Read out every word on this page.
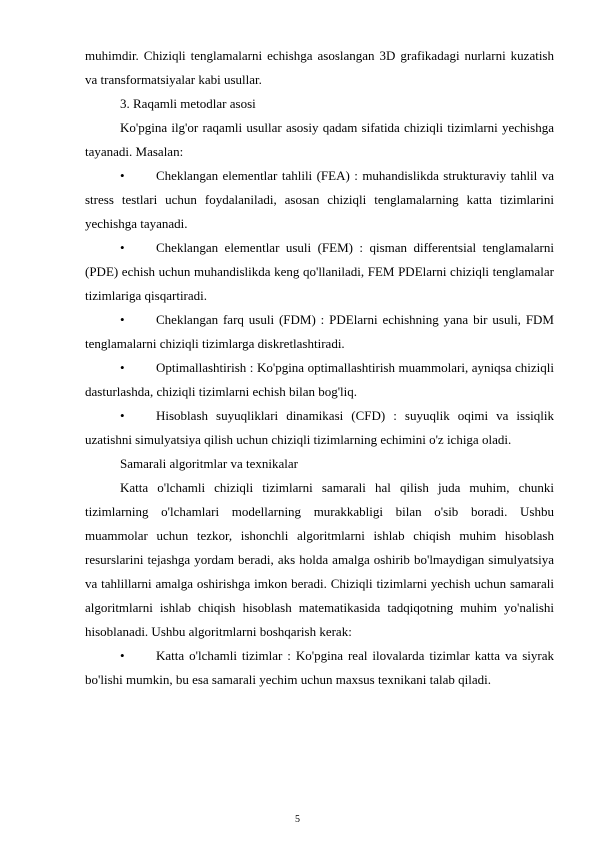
muhimdir. Chiziqli tenglamalarni echishga asoslangan 3D grafikadagi nurlarni kuzatish va transformatsiyalar kabi usullar.

3. Raqamli metodlar asosi

Ko'pgina ilg'or raqamli usullar asosiy qadam sifatida chiziqli tizimlarni yechishga tayanadi. Masalan:

• Cheklangan elementlar tahlili (FEA) : muhandislikda strukturaviy tahlil va stress testlari uchun foydalaniladi, asosan chiziqli tenglamalarning katta tizimlarini yechishga tayanadi.

• Cheklangan elementlar usuli (FEM) : qisman differentsial tenglamalarni (PDE) echish uchun muhandislikda keng qo'llaniladi, FEM PDElarni chiziqli tenglamalar tizimlariga qisqartiradi.

• Cheklangan farq usuli (FDM) : PDElarni echishning yana bir usuli, FDM tenglamalarni chiziqli tizimlarga diskretlashtiradi.

• Optimallashtirish : Ko'pgina optimallashtirish muammolari, ayniqsa chiziqli dasturlashda, chiziqli tizimlarni echish bilan bog'liq.

• Hisoblash suyuqliklari dinamikasi (CFD) : suyuqlik oqimi va issiqlik uzatishni simulyatsiya qilish uchun chiziqli tizimlarning echimini o'z ichiga oladi.

Samarali algoritmlar va texnikalar

Katta o'lchamli chiziqli tizimlarni samarali hal qilish juda muhim, chunki tizimlarning o'lchamlari modellarning murakkabligi bilan o'sib boradi. Ushbu muammolar uchun tezkor, ishonchli algoritmlarni ishlab chiqish muhim hisoblash resurslarini tejashga yordam beradi, aks holda amalga oshirib bo'lmaydigan simulyatsiya va tahlillarni amalga oshirishga imkon beradi. Chiziqli tizimlarni yechish uchun samarali algoritmlarni ishlab chiqish hisoblash matematikasida tadqiqotning muhim yo'nalishi hisoblanadi. Ushbu algoritmlarni boshqarish kerak:

• Katta o'lchamli tizimlar : Ko'pgina real ilovalarda tizimlar katta va siyrak bo'lishi mumkin, bu esa samarali yechim uchun maxsus texnikani talab qiladi.

5
